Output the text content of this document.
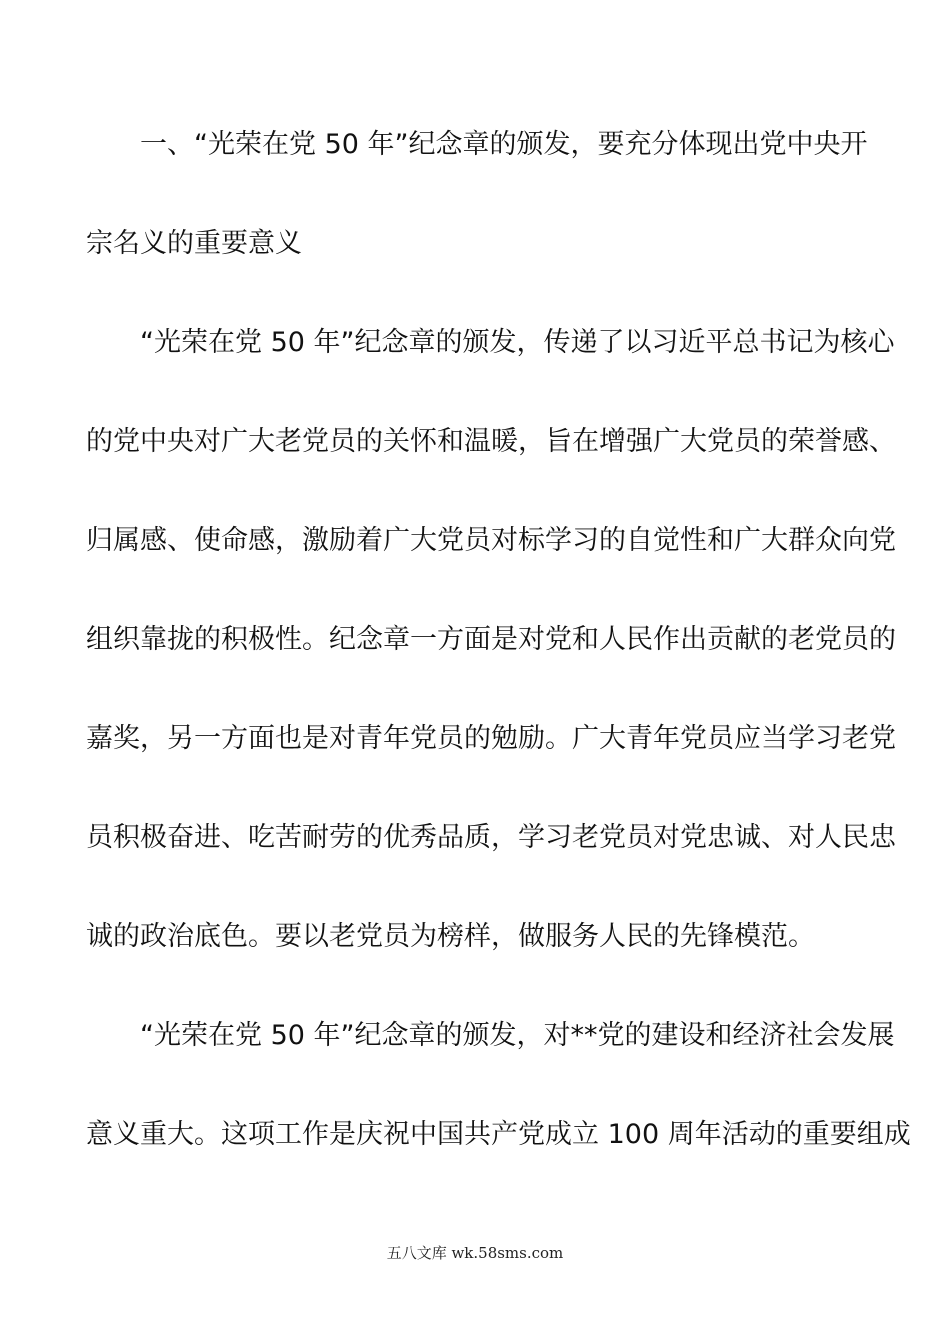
一、“光荣在党 50 年”纪念章的颁发，要充分体现出党中央开
宗名义的重要意义
“光荣在党 50 年”纪念章的颁发，传递了以习近平总书记为核心
的党中央对广大老党员的关怀和温暖，旨在增强广大党员的荣誉感、
归属感、使命感，激励着广大党员对标学习的自觉性和广大群众向党
组织靠拢的积极性。纪念章一方面是对党和人民作出贡献的老党员的
嘉奖，另一方面也是对青年党员的勉励。广大青年党员应当学习老党
员积极奋进、吃苦耐劳的优秀品质，学习老党员对党忠诚、对人民忠
诚的政治底色。要以老党员为榜样，做服务人民的先锋模范。
“光荣在党 50 年”纪念章的颁发，对**党的建设和经济社会发展
意义重大。这项工作是庆祝中国共产党成立 100 周年活动的重要组成
五八文库 wk.58sms.com
